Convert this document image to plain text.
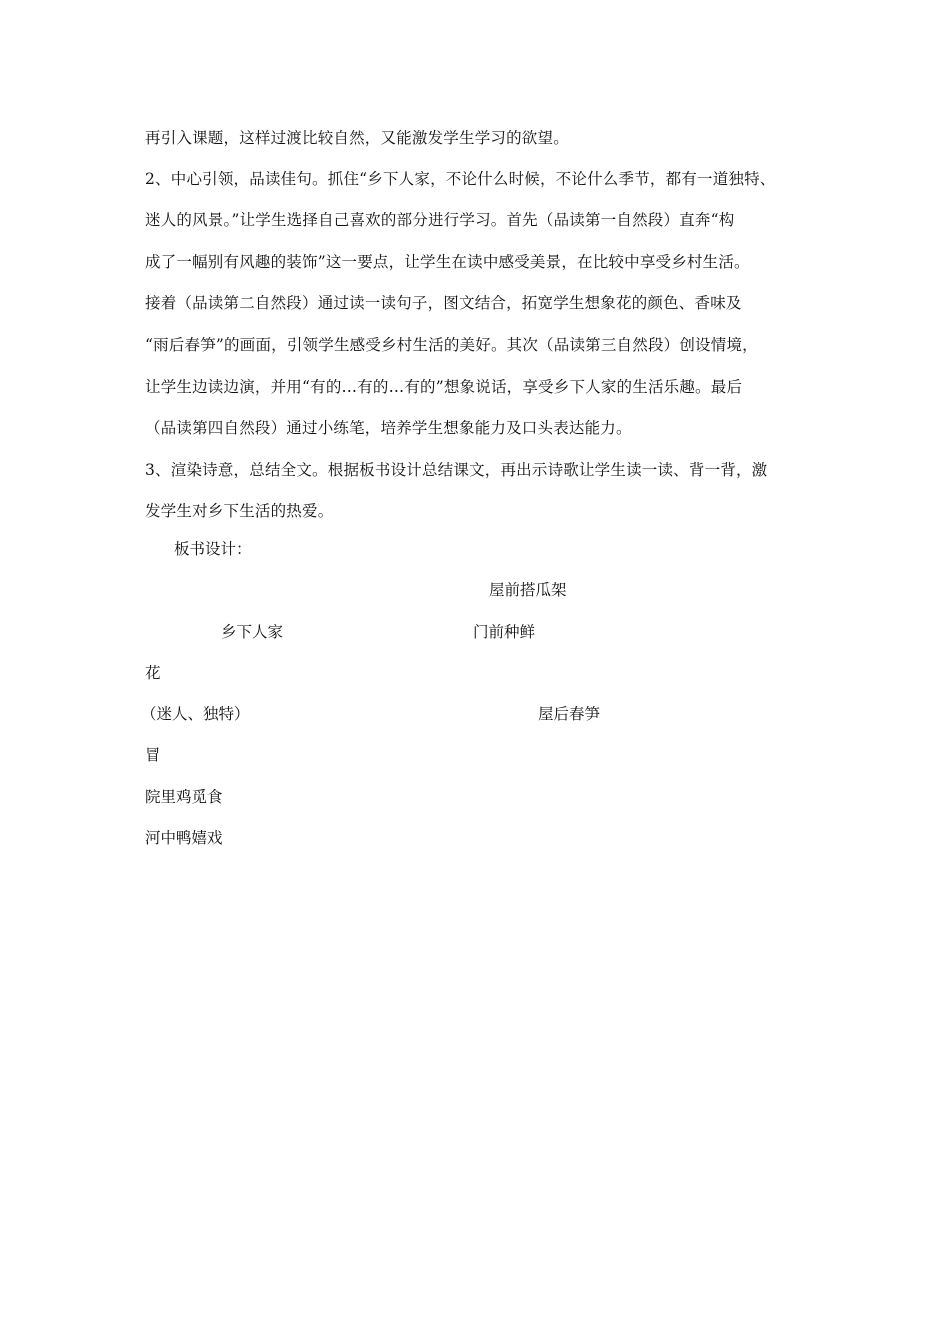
再引入课题，这样过渡比较自然，又能激发学生学习的欲望。
2、中心引领，品读佳句。抓住“乡下人家，不论什么时候，不论什么季节，都有一道独特、
迷人的风景。”让学生选择自己喜欢的部分进行学习。首先（品读第一自然段）直奔“构
成了一幅别有风趣的装饰”这一要点，让学生在读中感受美景，在比较中享受乡村生活。
接着（品读第二自然段）通过读一读句子，图文结合，拓宽学生想象花的颜色、香味及
“雨后春笋”的画面，引领学生感受乡村生活的美好。其次（品读第三自然段）创设情境，
让学生边读边演，并用“有的…有的…有的”想象说话，享受乡下人家的生活乐趣。最后
（品读第四自然段）通过小练笔，培养学生想象能力及口头表达能力。
3、渲染诗意，总结全文。根据板书设计总结课文，再出示诗歌让学生读一读、背一背，激
发学生对乡下生活的热爱。
板书设计：
屋前搭瓜架
乡下人家	门前种鲜
花
（迷人、独特）	屋后春笋
冒
院里鸡觅食
河中鸭嬉戏
